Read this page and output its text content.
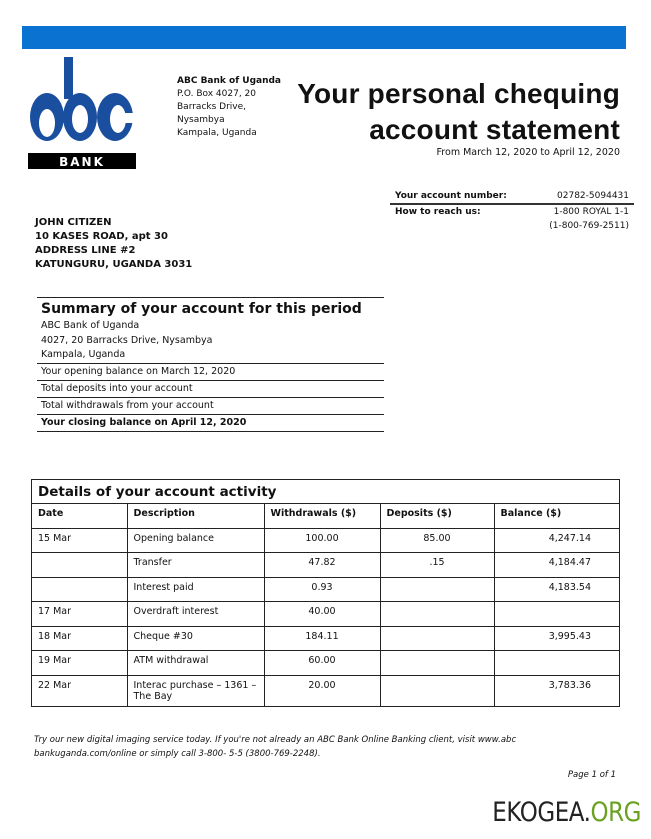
BANK
ABC Bank of Uganda
P.O. Box 4027, 20
Barracks Drive,
Nysambya
Kampala, Uganda
Your personal chequing
account statement
From March 12, 2020 to April 12, 2020
Your account number:	02782-5094431
How to reach us:	1-800 ROYAL 1-1
(1-800-769-2511)
JOHN CITIZEN
10 KASES ROAD, apt 30
ADDRESS LINE #2
KATUNGURU, UGANDA 3031
Summary of your account for this period
ABC Bank of Uganda
4027, 20 Barracks Drive, Nysambya
Kampala, Uganda
Your opening balance on March 12, 2020
Total deposits into your account
Total withdrawals from your account
Your closing balance on April 12, 2020
Details of your account activity
Date	Description	Withdrawals ($)	Deposits ($)	Balance ($)
15 Mar	Opening balance	100.00	85.00	4,247.14
	Transfer	47.82	.15	4,184.47
	Interest paid	0.93		4,183.54
17 Mar	Overdraft interest	40.00		
18 Mar	Cheque #30	184.11		3,995.43
19 Mar	ATM withdrawal	60.00		
22 Mar	Interac purchase – 1361 – The Bay	20.00		3,783.36
Try our new digital imaging service today. If you're not already an ABC Bank Online Banking client, visit www.abc
bankuganda.com/online or simply call 3-800- 5-5 (3800-769-2248).
Page 1 of 1
EKOGEA.ORG
